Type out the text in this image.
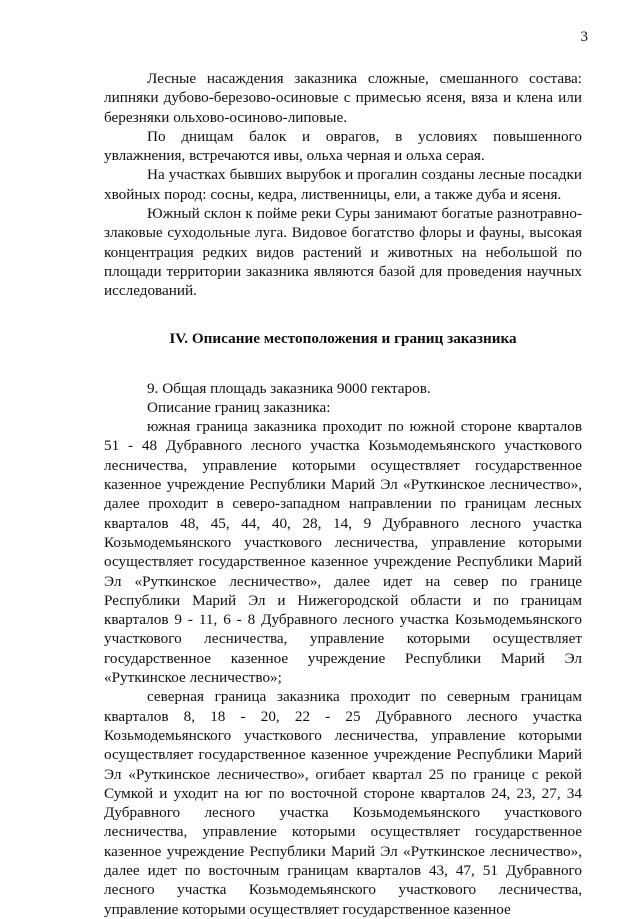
3

Лесные насаждения заказника сложные, смешанного состава: липняки дубово-березово-осиновые с примесью ясеня, вяза и клена или березняки ольхово-осиново-липовые.

По днищам балок и оврагов, в условиях повышенного увлажнения, встречаются ивы, ольха черная и ольха серая.

На участках бывших вырубок и прогалин созданы лесные посадки хвойных пород: сосны, кедра, лиственницы, ели, а также дуба и ясеня.

Южный склон к пойме реки Суры занимают богатые разнотравно-злаковые суходольные луга. Видовое богатство флоры и фауны, высокая концентрация редких видов растений и животных на небольшой по площади территории заказника являются базой для проведения научных исследований.

IV. Описание местоположения и границ заказника

9. Общая площадь заказника 9000 гектаров.

Описание границ заказника:

южная граница заказника проходит по южной стороне кварталов 51 - 48 Дубравного лесного участка Козьмодемьянского участкового лесничества, управление которыми осуществляет государственное казенное учреждение Республики Марий Эл «Руткинское лесничество», далее проходит в северо-западном направлении по границам лесных кварталов 48, 45, 44, 40, 28, 14, 9 Дубравного лесного участка Козьмодемьянского участкового лесничества, управление которыми осуществляет государственное казенное учреждение Республики Марий Эл «Руткинское лесничество», далее идет на север по границе Республики Марий Эл и Нижегородской области и по границам кварталов 9 - 11, 6 - 8 Дубравного лесного участка Козьмодемьянского участкового лесничества, управление которыми осуществляет государственное казенное учреждение Республики Марий Эл «Руткинское лесничество»;

северная граница заказника проходит по северным границам кварталов 8, 18 - 20, 22 - 25 Дубравного лесного участка Козьмодемьянского участкового лесничества, управление которыми осуществляет государственное казенное учреждение Республики Марий Эл «Руткинское лесничество», огибает квартал 25 по границе с рекой Сумкой и уходит на юг по восточной стороне кварталов 24, 23, 27, 34 Дубравного лесного участка Козьмодемьянского участкового лесничества, управление которыми осуществляет государственное казенное учреждение Республики Марий Эл «Руткинское лесничество», далее идет по восточным границам кварталов 43, 47, 51 Дубравного лесного участка Козьмодемьянского участкового лесничества, управление которыми осуществляет государственное казенное
